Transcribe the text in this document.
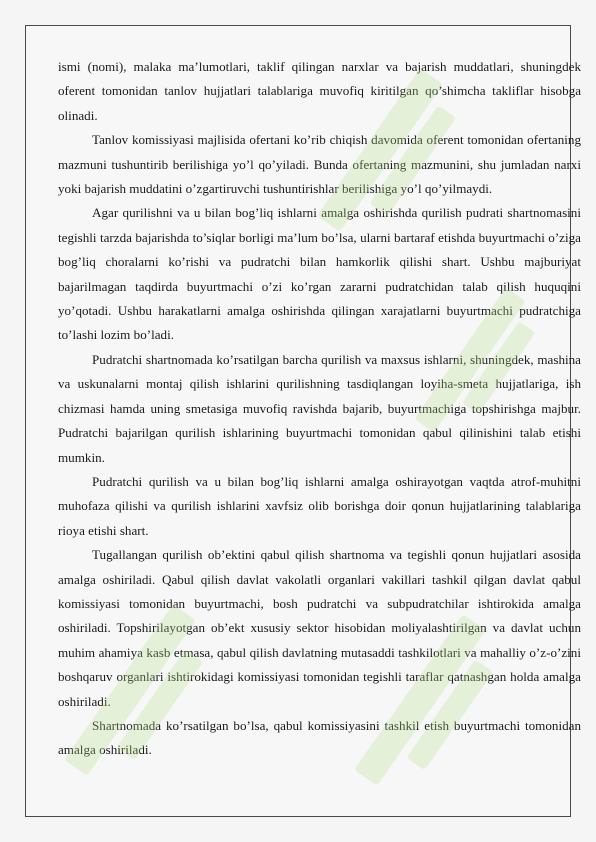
ismi (nomi), malaka ma’lumotlari, taklif qilingan narxlar va bajarish muddatlari, shuningdek oferent tomonidan tanlov hujjatlari talablariga muvofiq kiritilgan qo’shimcha takliflar hisobga olinadi.

Tanlov komissiyasi majlisida ofertani ko’rib chiqish davomida oferent tomonidan ofertaning mazmuni tushuntirib berilishiga yo’l qo’yiladi. Bunda ofertaning mazmunini, shu jumladan narxi yoki bajarish muddatini o’zgartiruvchi tushuntirishlar berilishiga yo’l qo’yilmaydi.

Agar qurilishni va u bilan bog’liq ishlarni amalga oshirishda qurilish pudrati shartnomasini tegishli tarzda bajarishda to’siqlar borligi ma’lum bo’lsa, ularni bartaraf etishda buyurtmachi o’ziga bog’liq choralarni ko’rishi va pudratchi bilan hamkorlik qilishi shart. Ushbu majburiyat bajarilmagan taqdirda buyurtmachi o’zi ko’rgan zararni pudratchidan talab qilish huquqini yo’qotadi. Ushbu harakatlarni amalga oshirishda qilingan xarajatlarni buyurtmachi pudratchiga to’lashi lozim bo’ladi.

Pudratchi shartnomada ko’rsatilgan barcha qurilish va maxsus ishlarni, shuningdek, mashina va uskunalarni montaj qilish ishlarini qurilishning tasdiqlangan loyiha-smeta hujjatlariga, ish chizmasi hamda uning smetasiga muvofiq ravishda bajarib, buyurtmachiga topshirishga majbur. Pudratchi bajarilgan qurilish ishlarining buyurtmachi tomonidan qabul qilinishini talab etishi mumkin.

Pudratchi qurilish va u bilan bog’liq ishlarni amalga oshirayotgan vaqtda atrof-muhitni muhofaza qilishi va qurilish ishlarini xavfsiz olib borishga doir qonun hujjatlarining talablariga rioya etishi shart.

Tugallangan qurilish ob’ektini qabul qilish shartnoma va tegishli qonun hujjatlari asosida amalga oshiriladi. Qabul qilish davlat vakolatli organlari vakillari tashkil qilgan davlat qabul komissiyasi tomonidan buyurtmachi, bosh pudratchi va subpudratchilar ishtirokida amalga oshiriladi. Topshirilayotgan ob’ekt xususiy sektor hisobidan moliyalashtirilgan va davlat uchun muhim ahamiya kasb etmasa, qabul qilish davlatning mutasaddi tashkilotlari va mahalliy o’z-o’zini boshqaruv organlari ishtirokidagi komissiyasi tomonidan tegishli taraflar qatnashgan holda amalga oshiriladi.

Shartnomada ko’rsatilgan bo’lsa, qabul komissiyasini tashkil etish buyurtmachi tomonidan amalga oshiriladi.
